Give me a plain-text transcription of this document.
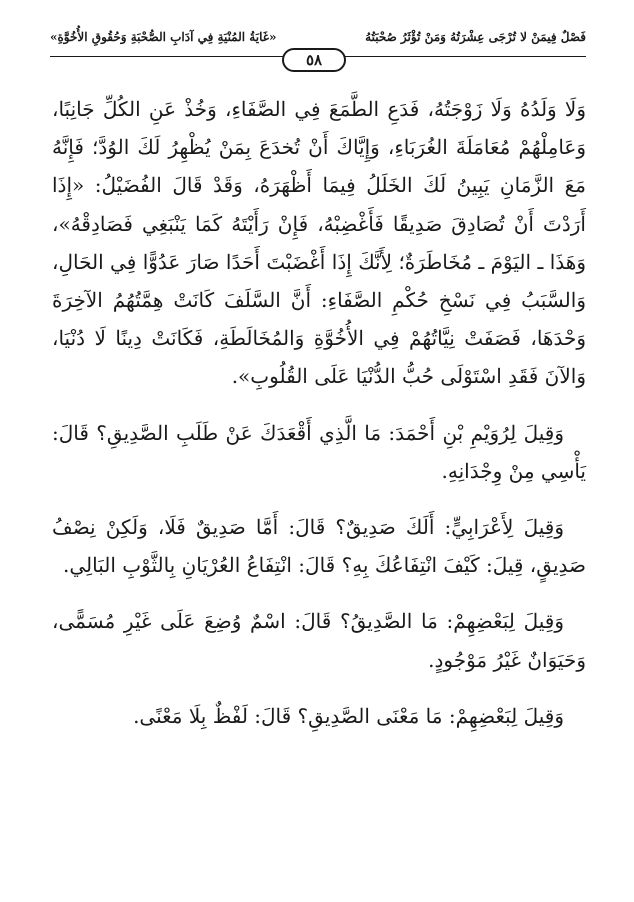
فَصْلٌ فِيمَنْ لا تُرْجَى عِشْرَتُهُ وَمَنْ تُؤْثَرُ صُحْبَتُهُ
«غَايَةُ المُنْيَةِ فِي آدَابِ الصُّحْبَةِ وَحُقُوقِ الأُخُوَّةِ»
٥٨

وَلَا وَلَدُهُ وَلَا زَوْجَتُهُ، فَدَعِ الطَّمَعَ فِي الصَّفَاءِ، وَخُذْ عَنِ الكُلِّ جَانِبًا، وَعَامِلْهُمْ مُعَامَلَةَ الغُرَبَاءِ، وَإِيَّاكَ أَنْ تُخدَعَ بِمَنْ يُظْهِرُ لَكَ الوُدَّ؛ فَإِنَّهُ مَعَ الزَّمَانِ يَبِينُ لَكَ الخَلَلُ فِيمَا أَظْهَرَهُ، وَقَدْ قَالَ الفُضَيْلُ: «إِذَا أَرَدْتَ أَنْ تُصَادِقَ صَدِيقًا فَأَغْضِبْهُ، فَإِنْ رَأَيْتَهُ كَمَا يَنْبَغِي فَصَادِقْهُ»، وَهَذَا ـ اليَوْمَ ـ مُخَاطَرَةٌ؛ لِأَنَّكَ إِذَا أَغْضَبْتَ أَحَدًا صَارَ عَدُوًّا فِي الحَالِ، وَالسَّبَبُ فِي نَسْخِ حُكْمِ الصَّفَاءِ: أَنَّ السَّلَفَ كَانَتْ هِمَّتُهُمُ الآخِرَةَ وَحْدَهَا، فَصَفَتْ نِيَّاتُهُمْ فِي الأُخُوَّةِ وَالمُخَالَطَةِ، فَكَانَتْ دِينًا لَا دُنْيَا، وَالآنَ فَقَدِ اسْتَوْلَى حُبُّ الدُّنْيَا عَلَى القُلُوبِ».

وَقِيلَ لِرُوَيْمِ بْنِ أَحْمَدَ: مَا الَّذِي أَقْعَدَكَ عَنْ طَلَبِ الصَّدِيقِ؟ قَالَ: يَأْسِي مِنْ وِجْدَانِهِ.

وَقِيلَ لِأَعْرَابِيٍّ: أَلَكَ صَدِيقٌ؟ قَالَ: أَمَّا صَدِيقٌ فَلَا، وَلَكِنْ نِصْفُ صَدِيقٍ، قِيلَ: كَيْفَ انْتِفَاعُكَ بِهِ؟ قَالَ: انْتِفَاعُ العُرْيَانِ بِالثَّوْبِ البَالِي.

وَقِيلَ لِبَعْضِهِمْ: مَا الصَّدِيقُ؟ قَالَ: اسْمٌ وُضِعَ عَلَى غَيْرِ مُسَمًّى، وَحَيَوَانٌ غَيْرُ مَوْجُودٍ.

وَقِيلَ لِبَعْضِهِمْ: مَا مَعْنَى الصَّدِيقِ؟ قَالَ: لَفْظٌ بِلَا مَعْنًى.
